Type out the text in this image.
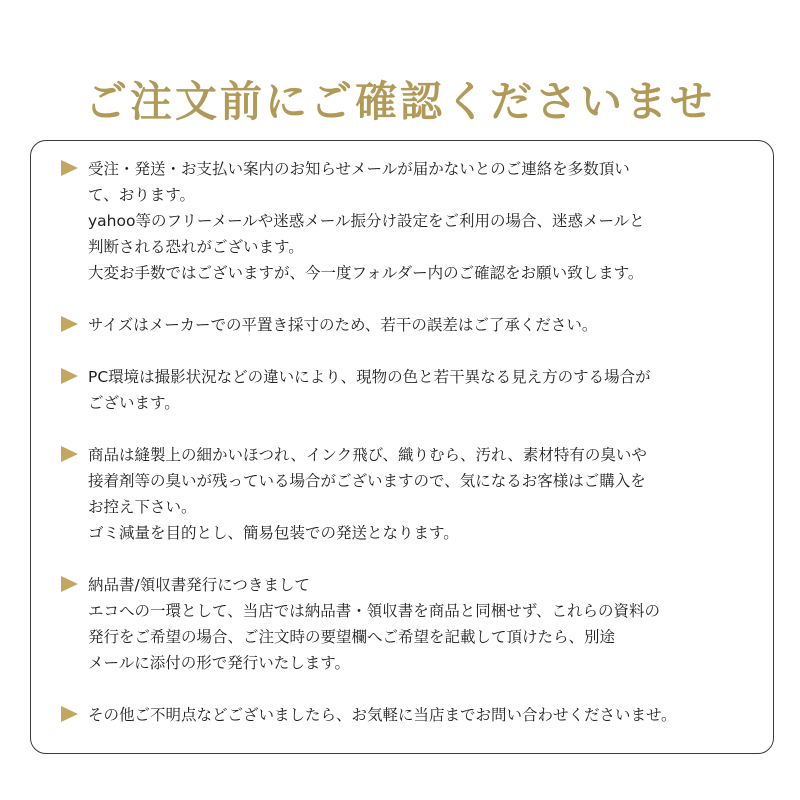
ご注文前にご確認くださいませ
受注・発送・お支払い案内のお知らせメールが届かないとのご連絡を多数頂い
て、おります。
yahoo等のフリーメールや迷惑メール振分け設定をご利用の場合、迷惑メールと
判断される恐れがございます。
大変お手数ではございますが、今一度フォルダー内のご確認をお願い致します。
サイズはメーカーでの平置き採寸のため、若干の誤差はご了承ください。
PC環境は撮影状況などの違いにより、現物の色と若干異なる見え方のする場合が
ございます。
商品は縫製上の細かいほつれ、インク飛び、織りむら、汚れ、素材特有の臭いや
接着剤等の臭いが残っている場合がございますので、気になるお客様はご購入を
お控え下さい。
ゴミ減量を目的とし、簡易包装での発送となります。
納品書/領収書発行につきまして
エコへの一環として、当店では納品書・領収書を商品と同梱せず、これらの資料の
発行をご希望の場合、ご注文時の要望欄へご希望を記載して頂けたら、別途
メールに添付の形で発行いたします。
その他ご不明点などございましたら、お気軽に当店までお問い合わせくださいませ。
